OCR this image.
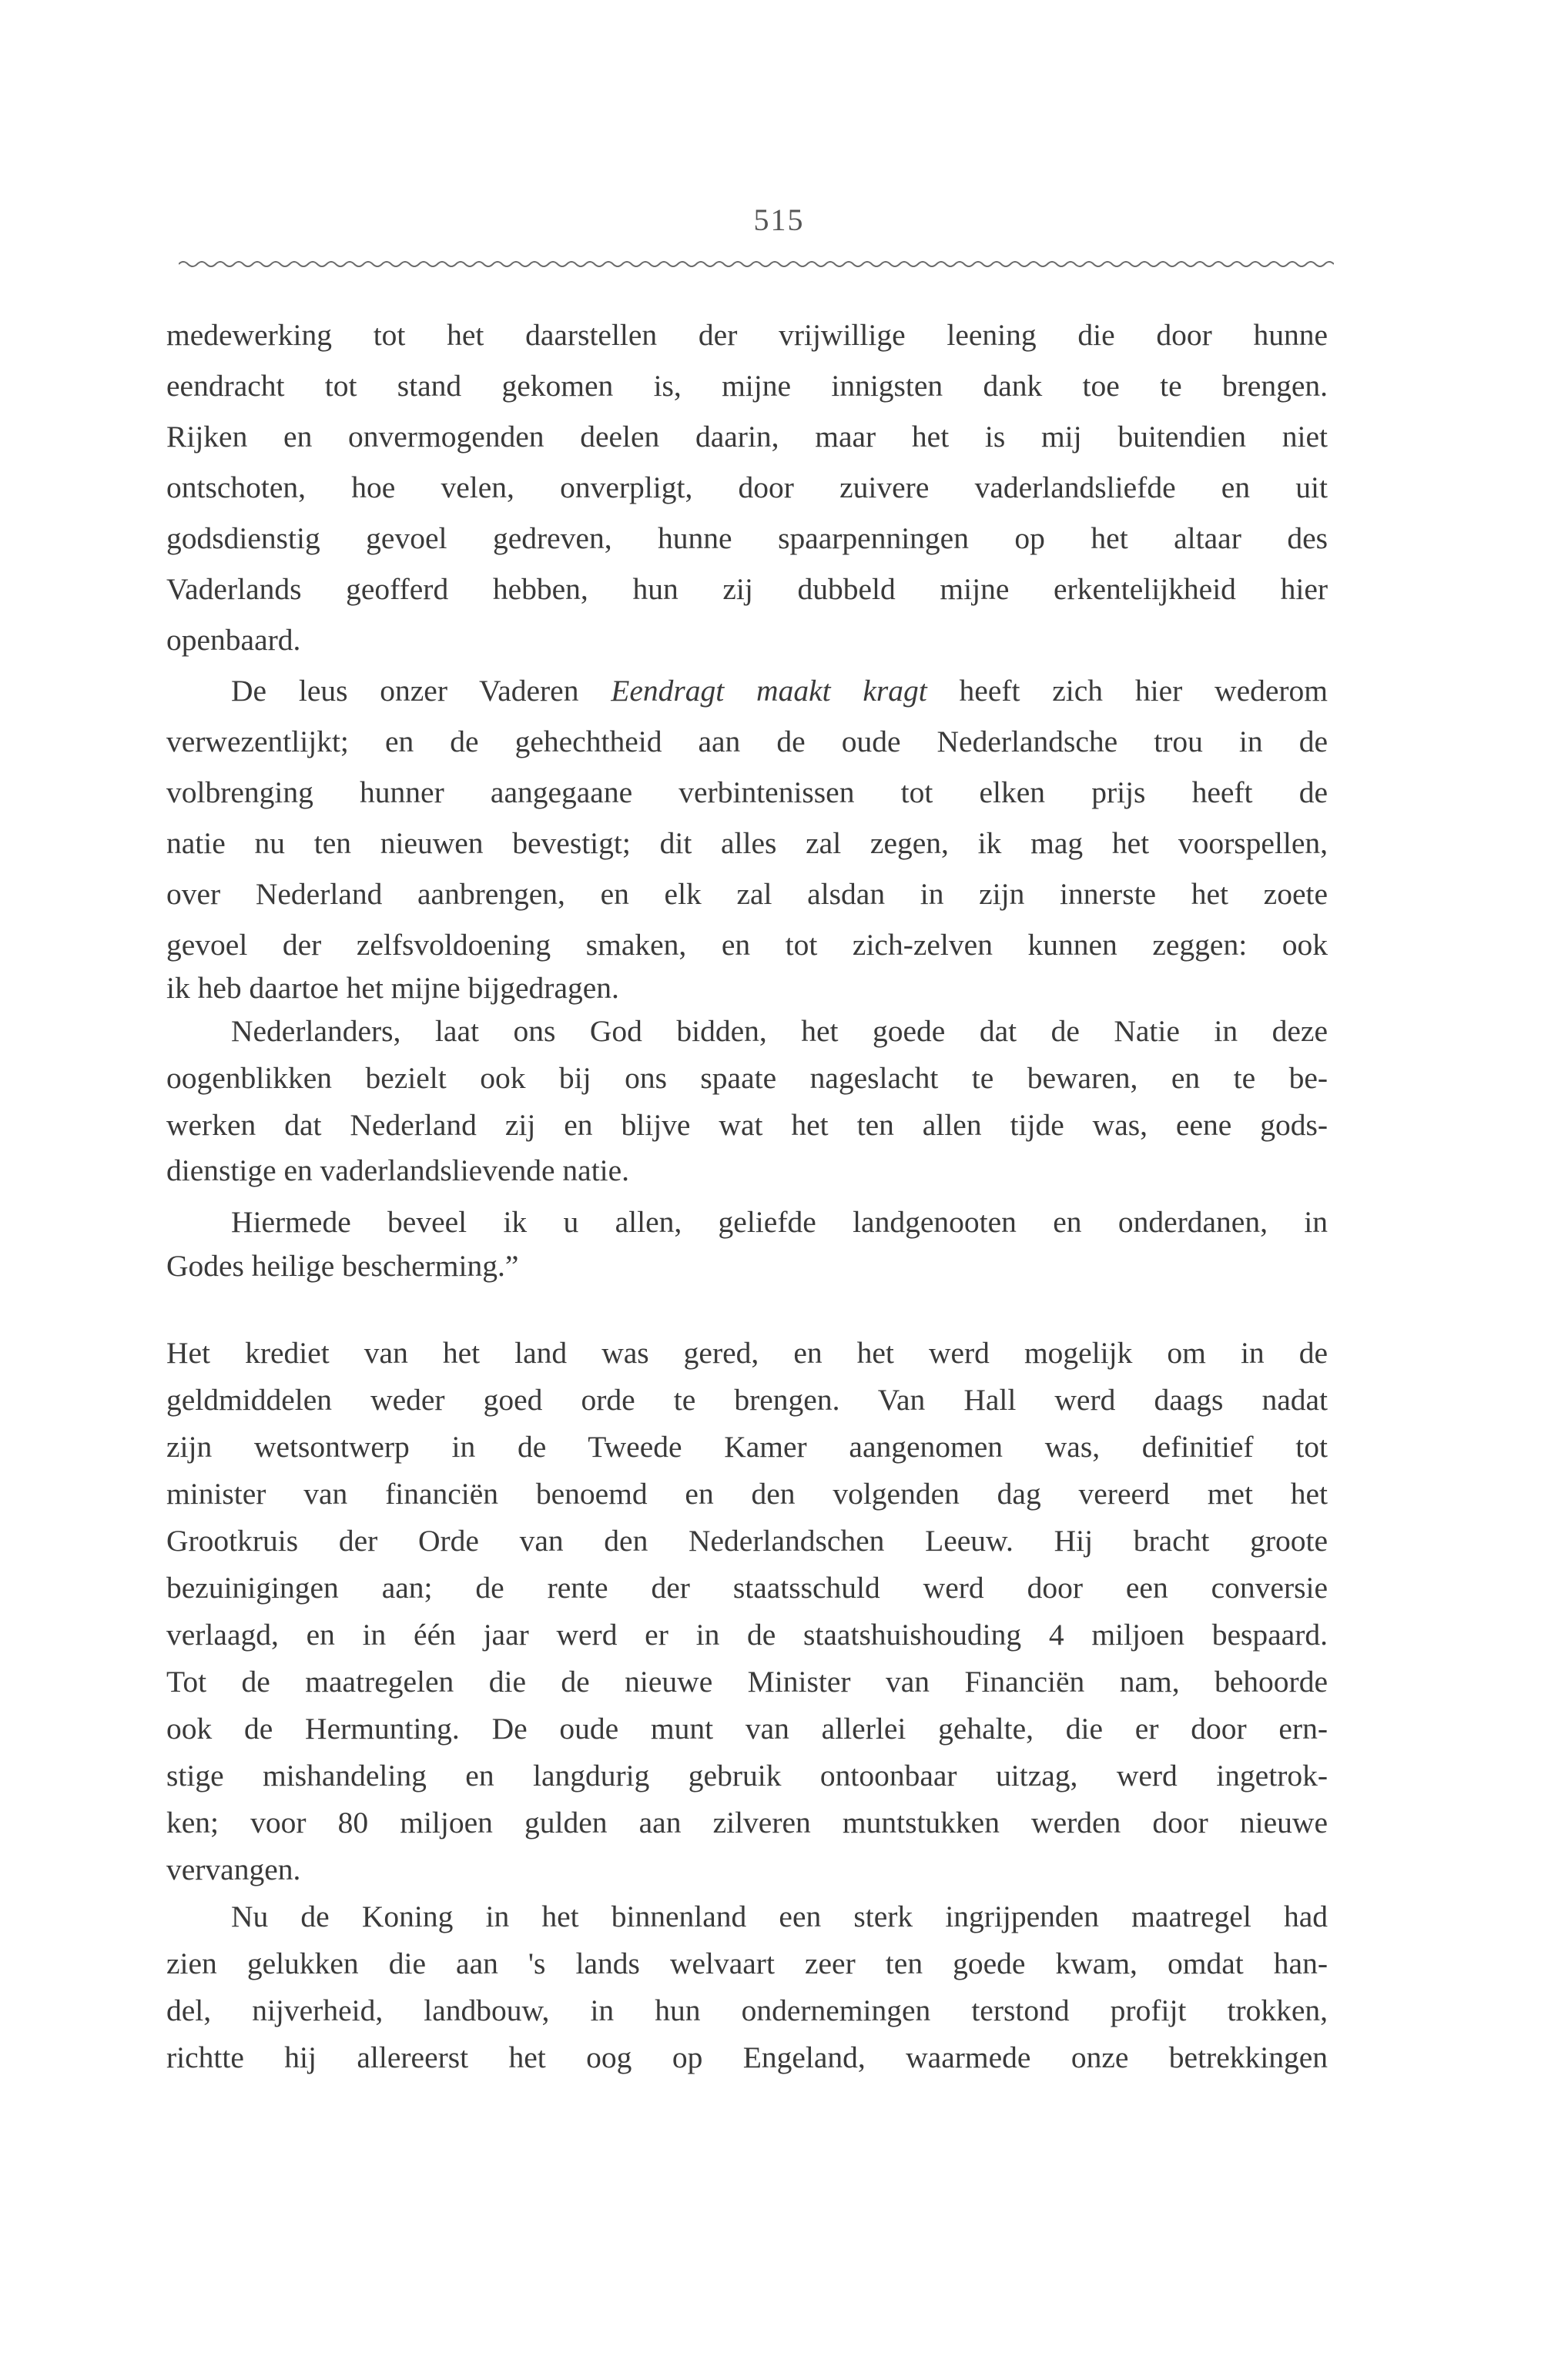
515
medewerking tot het daarstellen der vrijwillige leening die door hunne
eendracht tot stand gekomen is, mijne innigsten dank toe te brengen.
Rijken en onvermogenden deelen daarin, maar het is mij buitendien niet
ontschoten, hoe velen, onverpligt, door zuivere vaderlandsliefde en uit
godsdienstig gevoel gedreven, hunne spaarpenningen op het altaar des
Vaderlands geofferd hebben, hun zij dubbeld mijne erkentelijkheid hier
openbaard.
De leus onzer Vaderen Eendragt maakt kragt heeft zich hier wederom
verwezentlijkt; en de gehechtheid aan de oude Nederlandsche trou in de
volbrenging hunner aangegaane verbintenissen tot elken prijs heeft de
natie nu ten nieuwen bevestigt; dit alles zal zegen, ik mag het voorspellen,
over Nederland aanbrengen, en elk zal alsdan in zijn innerste het zoete
gevoel der zelfsvoldoening smaken, en tot zich-zelven kunnen zeggen: ook
ik heb daartoe het mijne bijgedragen.
Nederlanders, laat ons God bidden, het goede dat de Natie in deze
oogenblikken bezielt ook bij ons spaate nageslacht te bewaren, en te be-
werken dat Nederland zij en blijve wat het ten allen tijde was, eene gods-
dienstige en vaderlandslievende natie.
Hiermede beveel ik u allen, geliefde landgenooten en onderdanen, in
Godes heilige bescherming.”
Het krediet van het land was gered, en het werd mogelijk om in de
geldmiddelen weder goed orde te brengen. Van Hall werd daags nadat
zijn wetsontwerp in de Tweede Kamer aangenomen was, definitief tot
minister van financiën benoemd en den volgenden dag vereerd met het
Grootkruis der Orde van den Nederlandschen Leeuw. Hij bracht groote
bezuinigingen aan; de rente der staatsschuld werd door een conversie
verlaagd, en in één jaar werd er in de staatshuishouding 4 miljoen bespaard.
Tot de maatregelen die de nieuwe Minister van Financiën nam, behoorde
ook de Hermunting. De oude munt van allerlei gehalte, die er door ern-
stige mishandeling en langdurig gebruik ontoonbaar uitzag, werd ingetrok-
ken; voor 80 miljoen gulden aan zilveren muntstukken werden door nieuwe
vervangen.
Nu de Koning in het binnenland een sterk ingrijpenden maatregel had
zien gelukken die aan 's lands welvaart zeer ten goede kwam, omdat han-
del, nijverheid, landbouw, in hun ondernemingen terstond profijt trokken,
richtte hij allereerst het oog op Engeland, waarmede onze betrekkingen
